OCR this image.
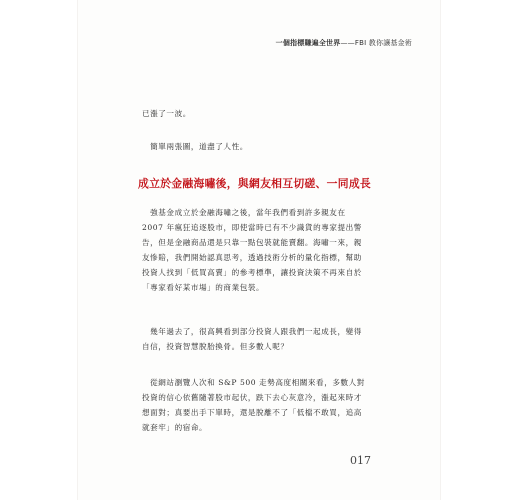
一個指標賺遍全世界——FBI 教你讓基金術

已漲了一波。

　簡單兩張圖，道盡了人性。

成立於金融海嘯後，與網友相互切磋、一同成長

　強基金成立於金融海嘯之後，當年我們看到許多親友在
2007 年瘋狂追逐股市，即使當時已有不少識貨的專家提出警
告，但是金融商品還是只靠一點包裝就能賣翻。海嘯一來，親
友慘賠，我們開始認真思考，透過技術分析的量化指標，幫助
投資人找到「低買高賣」的參考標準，讓投資決策不再來自於
「專家看好某市場」的商業包裝。

　幾年過去了，很高興看到部分投資人跟我們一起成長，變得
自信，投資智慧脫胎換骨。但多數人呢？

　從網站瀏覽人次和 S&P 500 走勢高度相關來看，多數人對
投資的信心依舊隨著股市起伏，跌下去心灰意冷，漲起來時才
想面對；真要出手下單時，還是脫離不了「低檔不敢買，追高
就套牢」的宿命。

017
